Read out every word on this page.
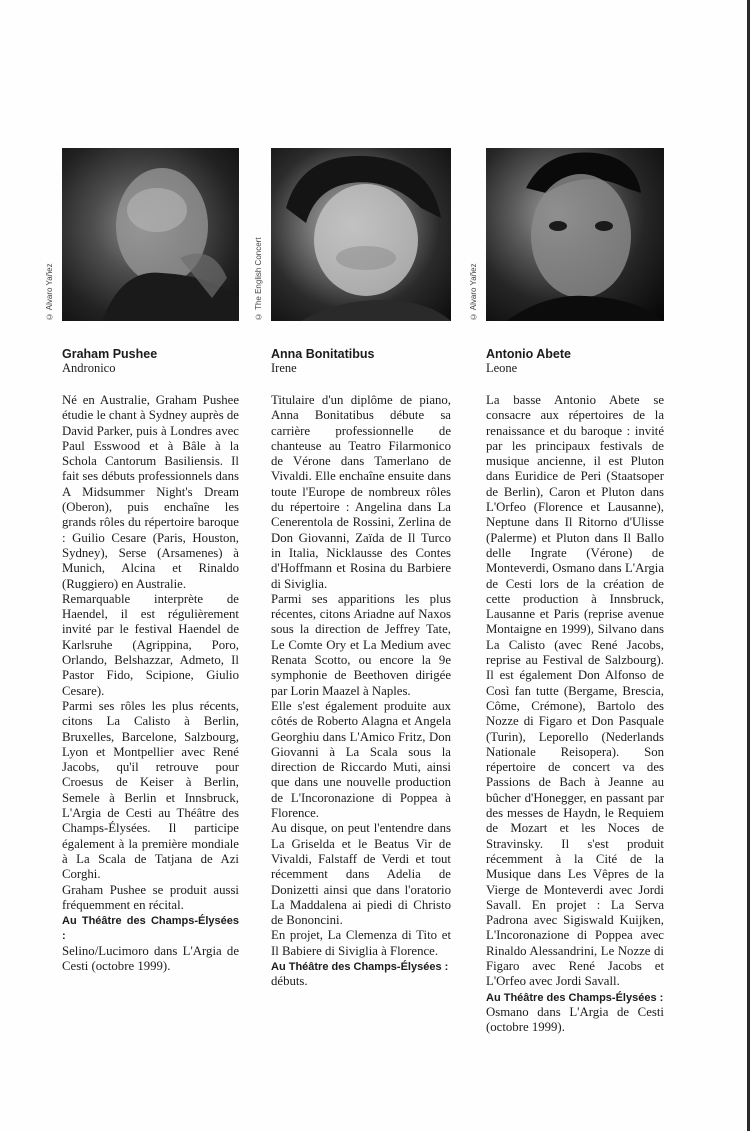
© Alvaro Yañez
Graham Pushee
Andronico

Né en Australie, Graham Pushee étudie le chant à Sydney auprès de David Parker, puis à Londres avec Paul Esswood et à Bâle à la Schola Cantorum Basiliensis. Il fait ses débuts professionnels dans A Midsummer Night's Dream (Oberon), puis enchaîne les grands rôles du répertoire baroque : Guilio Cesare (Paris, Houston, Sydney), Serse (Arsamenes) à Munich, Alcina et Rinaldo (Ruggiero) en Australie.

Remarquable interprète de Haendel, il est régulièrement invité par le festival Haendel de Karlsruhe (Agrippina, Poro, Orlando, Belshazzar, Admeto, Il Pastor Fido, Scipione, Giulio Cesare).

Parmi ses rôles les plus récents, citons La Calisto à Berlin, Bruxelles, Barcelone, Salzbourg, Lyon et Montpellier avec René Jacobs, qu'il retrouve pour Croesus de Keiser à Berlin, Semele à Berlin et Innsbruck, L'Argia de Cesti au Théâtre des Champs-Élysées. Il participe également à la première mondiale à La Scala de Tatjana de Azi Corghi.

Graham Pushee se produit aussi fréquemment en récital.

Au Théâtre des Champs-Élysées :
Selino/Lucimoro dans L'Argia de Cesti (octobre 1999).

© The English Concert
Anna Bonitatibus
Irene

Titulaire d'un diplôme de piano, Anna Bonitatibus débute sa carrière professionnelle de chanteuse au Teatro Filarmonico de Vérone dans Tamerlano de Vivaldi. Elle enchaîne ensuite dans toute l'Europe de nombreux rôles du répertoire : Angelina dans La Cenerentola de Rossini, Zerlina de Don Giovanni, Zaïda de Il Turco in Italia, Nicklausse des Contes d'Hoffmann et Rosina du Barbiere di Siviglia.

Parmi ses apparitions les plus récentes, citons Ariadne auf Naxos sous la direction de Jeffrey Tate, Le Comte Ory et La Medium avec Renata Scotto, ou encore la 9e symphonie de Beethoven dirigée par Lorin Maazel à Naples.

Elle s'est également produite aux côtés de Roberto Alagna et Angela Georghiu dans L'Amico Fritz, Don Giovanni à La Scala sous la direction de Riccardo Muti, ainsi que dans une nouvelle production de L'Incoronazione di Poppea à Florence.

Au disque, on peut l'entendre dans La Griselda et le Beatus Vir de Vivaldi, Falstaff de Verdi et tout récemment dans Adelia de Donizetti ainsi que dans l'oratorio La Maddalena ai piedi di Christo de Bononcini.

En projet, La Clemenza di Tito et Il Babiere di Siviglia à Florence.

Au Théâtre des Champs-Élysées :
débuts.

© Alvaro Yañez
Antonio Abete
Leone

La basse Antonio Abete se consacre aux répertoires de la renaissance et du baroque : invité par les principaux festivals de musique ancienne, il est Pluton dans Euridice de Peri (Staatsoper de Berlin), Caron et Pluton dans L'Orfeo (Florence et Lausanne), Neptune dans Il Ritorno d'Ulisse (Palerme) et Pluton dans Il Ballo delle Ingrate (Vérone) de Monteverdi, Osmano dans L'Argia de Cesti lors de la création de cette production à Innsbruck, Lausanne et Paris (reprise avenue Montaigne en 1999), Silvano dans La Calisto (avec René Jacobs, reprise au Festival de Salzbourg). Il est également Don Alfonso de Così fan tutte (Bergame, Brescia, Côme, Crémone), Bartolo des Nozze di Figaro et Don Pasquale (Turin), Leporello (Nederlands Nationale Reisopera). Son répertoire de concert va des Passions de Bach à Jeanne au bûcher d'Honegger, en passant par des messes de Haydn, le Requiem de Mozart et les Noces de Stravinsky. Il s'est produit récemment à la Cité de la Musique dans Les Vêpres de la Vierge de Monteverdi avec Jordi Savall. En projet : La Serva Padrona avec Sigiswald Kuijken, L'Incoronazione di Poppea avec Rinaldo Alessandrini, Le Nozze di Figaro avec René Jacobs et L'Orfeo avec Jordi Savall.

Au Théâtre des Champs-Élysées :
Osmano dans L'Argia de Cesti (octobre 1999).
